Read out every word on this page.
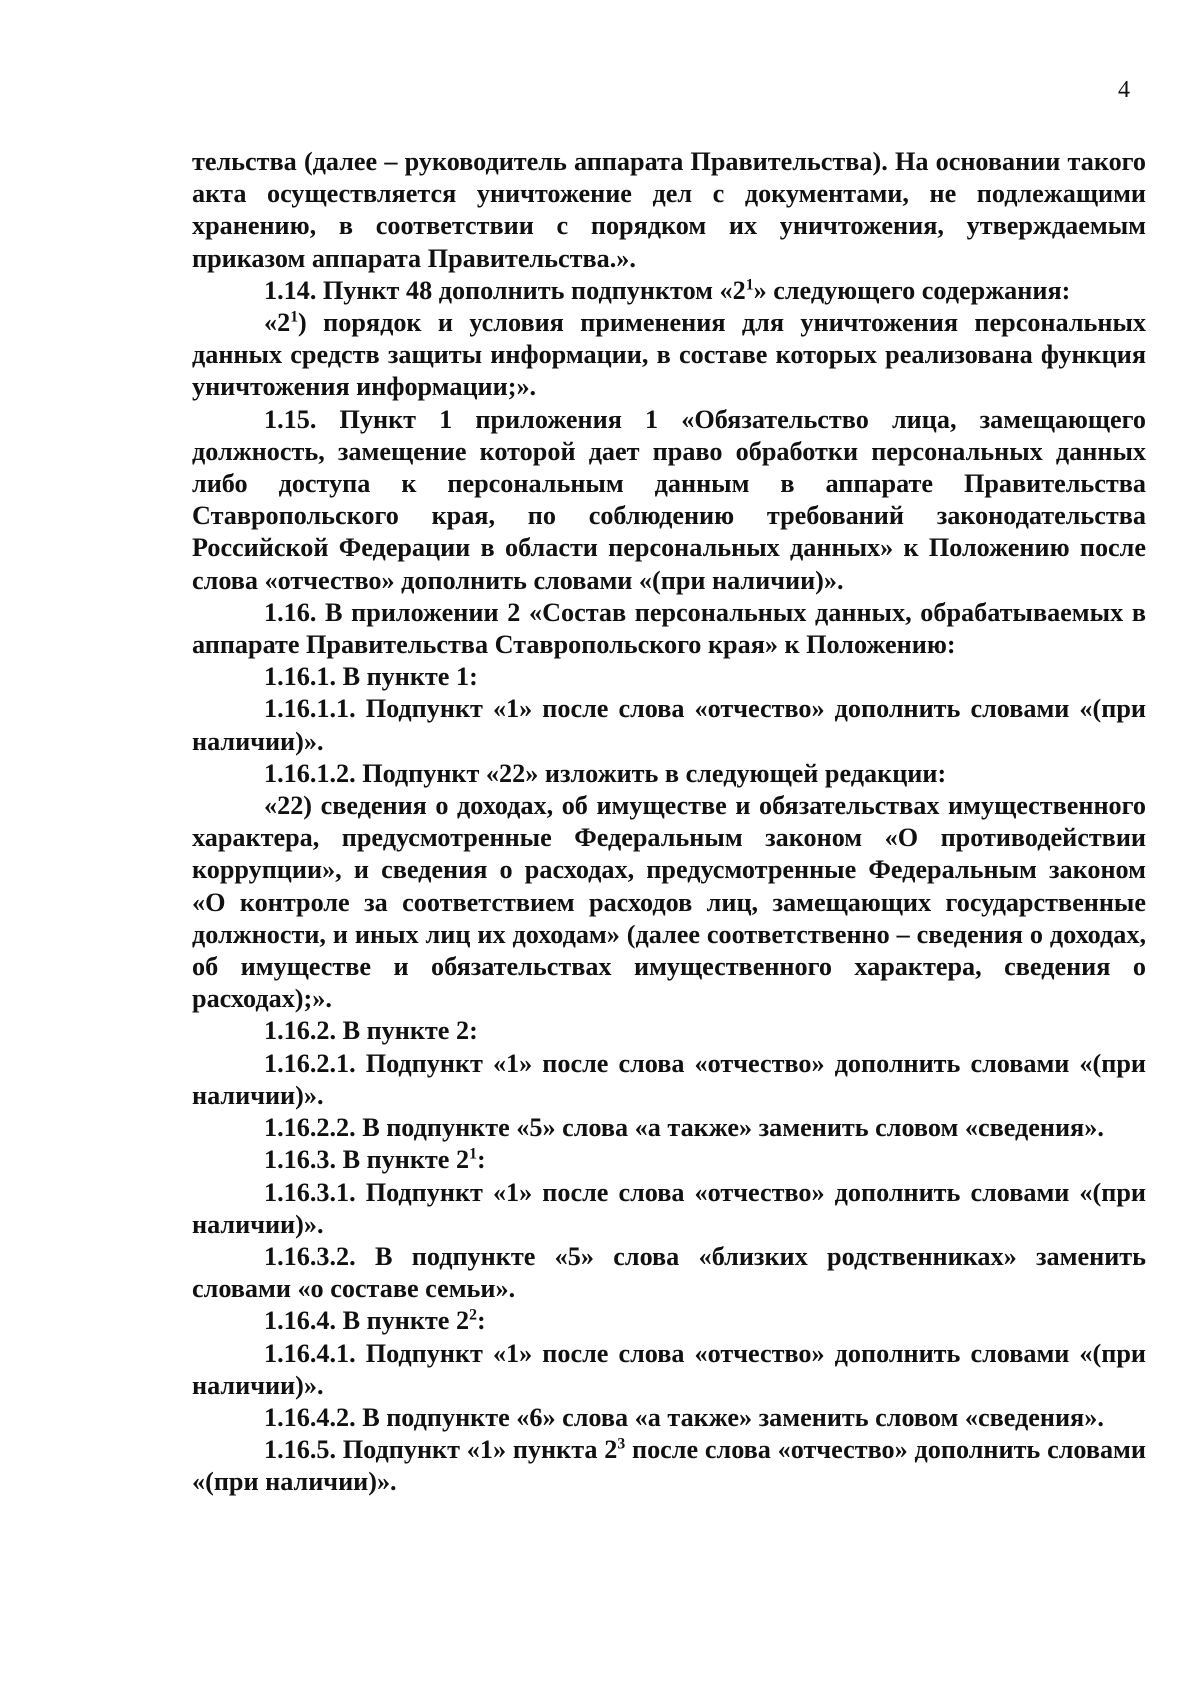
4

тельства (далее – руководитель аппарата Правительства). На основании такого акта осуществляется уничтожение дел с документами, не подлежащими хранению, в соответствии с порядком их уничтожения, утверждаемым приказом аппарата Правительства.».

1.14. Пункт 48 дополнить подпунктом «$2^1$» следующего содержания:

«$2^1$) порядок и условия применения для уничтожения персональных данных средств защиты информации, в составе которых реализована функция уничтожения информации;».

1.15. Пункт 1 приложения 1 «Обязательство лица, замещающего должность, замещение которой дает право обработки персональных данных либо доступа к персональным данным в аппарате Правительства Ставропольского края, по соблюдению требований законодательства Российской Федерации в области персональных данных» к Положению после слова «отчество» дополнить словами «(при наличии)».

1.16. В приложении 2 «Состав персональных данных, обрабатываемых в аппарате Правительства Ставропольского края» к Положению:

1.16.1. В пункте 1:

1.16.1.1. Подпункт «1» после слова «отчество» дополнить словами «(при наличии)».

1.16.1.2. Подпункт «22» изложить в следующей редакции:

«22) сведения о доходах, об имуществе и обязательствах имущественного характера, предусмотренные Федеральным законом «О противодействии коррупции», и сведения о расходах, предусмотренные Федеральным законом «О контроле за соответствием расходов лиц, замещающих государственные должности, и иных лиц их доходам» (далее соответственно – сведения о доходах, об имуществе и обязательствах имущественного характера, сведения о расходах);».

1.16.2. В пункте 2:

1.16.2.1. Подпункт «1» после слова «отчество» дополнить словами «(при наличии)».

1.16.2.2. В подпункте «5» слова «а также» заменить словом «сведения».

1.16.3. В пункте $2^1$:

1.16.3.1. Подпункт «1» после слова «отчество» дополнить словами «(при наличии)».

1.16.3.2. В подпункте «5» слова «близких родственниках» заменить словами «о составе семьи».

1.16.4. В пункте $2^2$:

1.16.4.1. Подпункт «1» после слова «отчество» дополнить словами «(при наличии)».

1.16.4.2. В подпункте «6» слова «а также» заменить словом «сведения».

1.16.5. Подпункт «1» пункта $2^3$ после слова «отчество» дополнить словами «(при наличии)».
